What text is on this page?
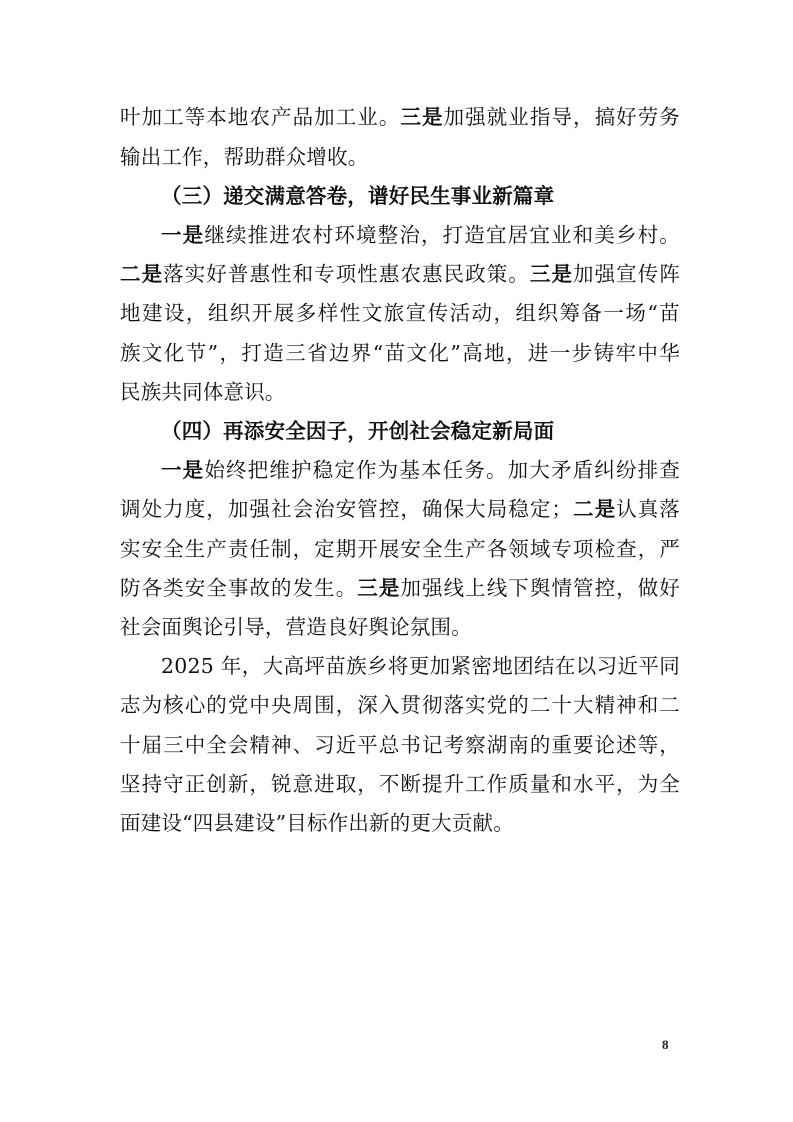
叶加工等本地农产品加工业。三是加强就业指导，搞好劳务
输出工作，帮助群众增收。
（三）递交满意答卷，谱好民生事业新篇章
一是继续推进农村环境整治，打造宜居宜业和美乡村。
二是落实好普惠性和专项性惠农惠民政策。三是加强宣传阵
地建设，组织开展多样性文旅宣传活动，组织筹备一场“苗
族文化节”，打造三省边界“苗文化”高地，进一步铸牢中华
民族共同体意识。
（四）再添安全因子，开创社会稳定新局面
一是始终把维护稳定作为基本任务。加大矛盾纠纷排查
调处力度，加强社会治安管控，确保大局稳定；二是认真落
实安全生产责任制，定期开展安全生产各领域专项检查，严
防各类安全事故的发生。三是加强线上线下舆情管控，做好
社会面舆论引导，营造良好舆论氛围。
2025 年，大高坪苗族乡将更加紧密地团结在以习近平同
志为核心的党中央周围，深入贯彻落实党的二十大精神和二
十届三中全会精神、习近平总书记考察湖南的重要论述等，
坚持守正创新，锐意进取，不断提升工作质量和水平，为全
面建设“四县建设”目标作出新的更大贡献。
8
